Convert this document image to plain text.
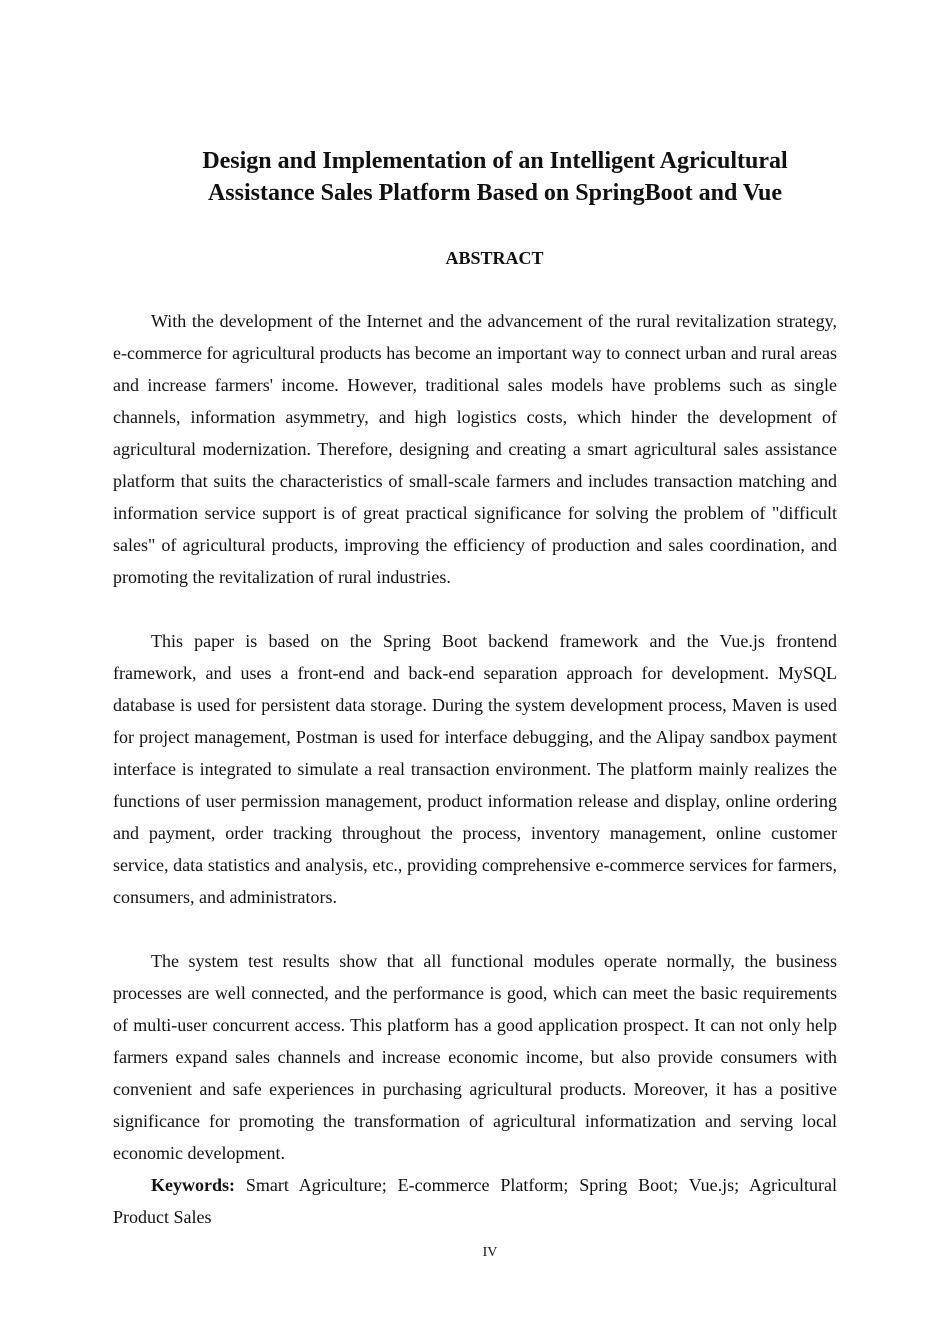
Design and Implementation of an Intelligent Agricultural Assistance Sales Platform Based on SpringBoot and Vue
ABSTRACT

With the development of the Internet and the advancement of the rural revitalization strategy, e-commerce for agricultural products has become an important way to connect urban and rural areas and increase farmers' income. However, traditional sales models have problems such as single channels, information asymmetry, and high logistics costs, which hinder the development of agricultural modernization. Therefore, designing and creating a smart agricultural sales assistance platform that suits the characteristics of small-scale farmers and includes transaction matching and information service support is of great practical significance for solving the problem of "difficult sales" of agricultural products, improving the efficiency of production and sales coordination, and promoting the revitalization of rural industries.

This paper is based on the Spring Boot backend framework and the Vue.js frontend framework, and uses a front-end and back-end separation approach for development. MySQL database is used for persistent data storage. During the system development process, Maven is used for project management, Postman is used for interface debugging, and the Alipay sandbox payment interface is integrated to simulate a real transaction environment. The platform mainly realizes the functions of user permission management, product information release and display, online ordering and payment, order tracking throughout the process, inventory management, online customer service, data statistics and analysis, etc., providing comprehensive e-commerce services for farmers, consumers, and administrators.

The system test results show that all functional modules operate normally, the business processes are well connected, and the performance is good, which can meet the basic requirements of multi-user concurrent access. This platform has a good application prospect. It can not only help farmers expand sales channels and increase economic income, but also provide consumers with convenient and safe experiences in purchasing agricultural products. Moreover, it has a positive significance for promoting the transformation of agricultural informatization and serving local economic development.

Keywords: Smart Agriculture; E-commerce Platform; Spring Boot; Vue.js; Agricultural Product Sales

IV
